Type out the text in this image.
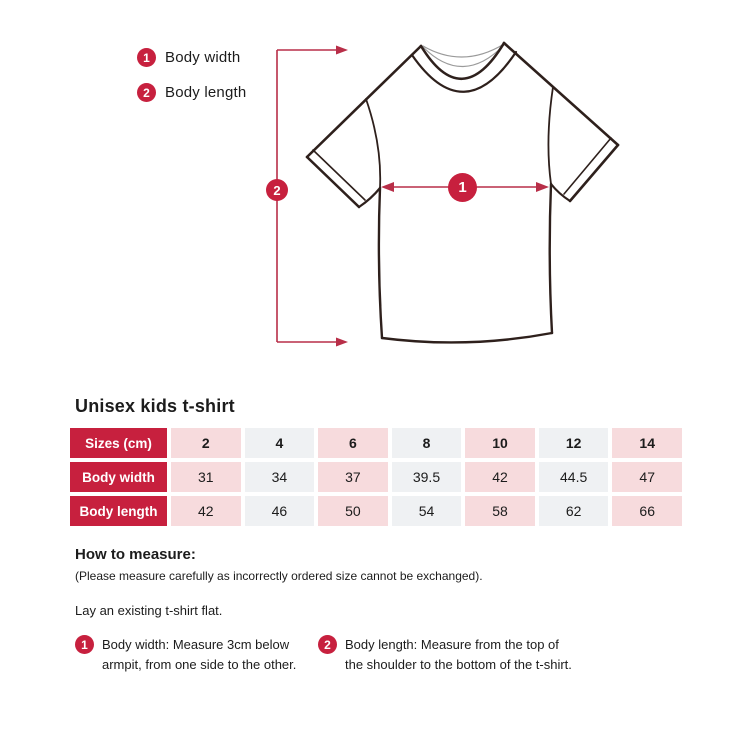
1
2
1	Body width
2	Body length
Unisex kids t-shirt
Sizes (cm)	2	4	6	8	10	12	14
Body width	31	34	37	39.5	42	44.5	47
Body length	42	46	50	54	58	62	66
How to measure:

(Please measure carefully as incorrectly ordered size cannot be exchanged).

Lay an existing t-shirt flat.

1	Body width: Measure 3cm below armpit, from one side to the other.
2	Body length: Measure from the top of the shoulder to the bottom of the t-shirt.
